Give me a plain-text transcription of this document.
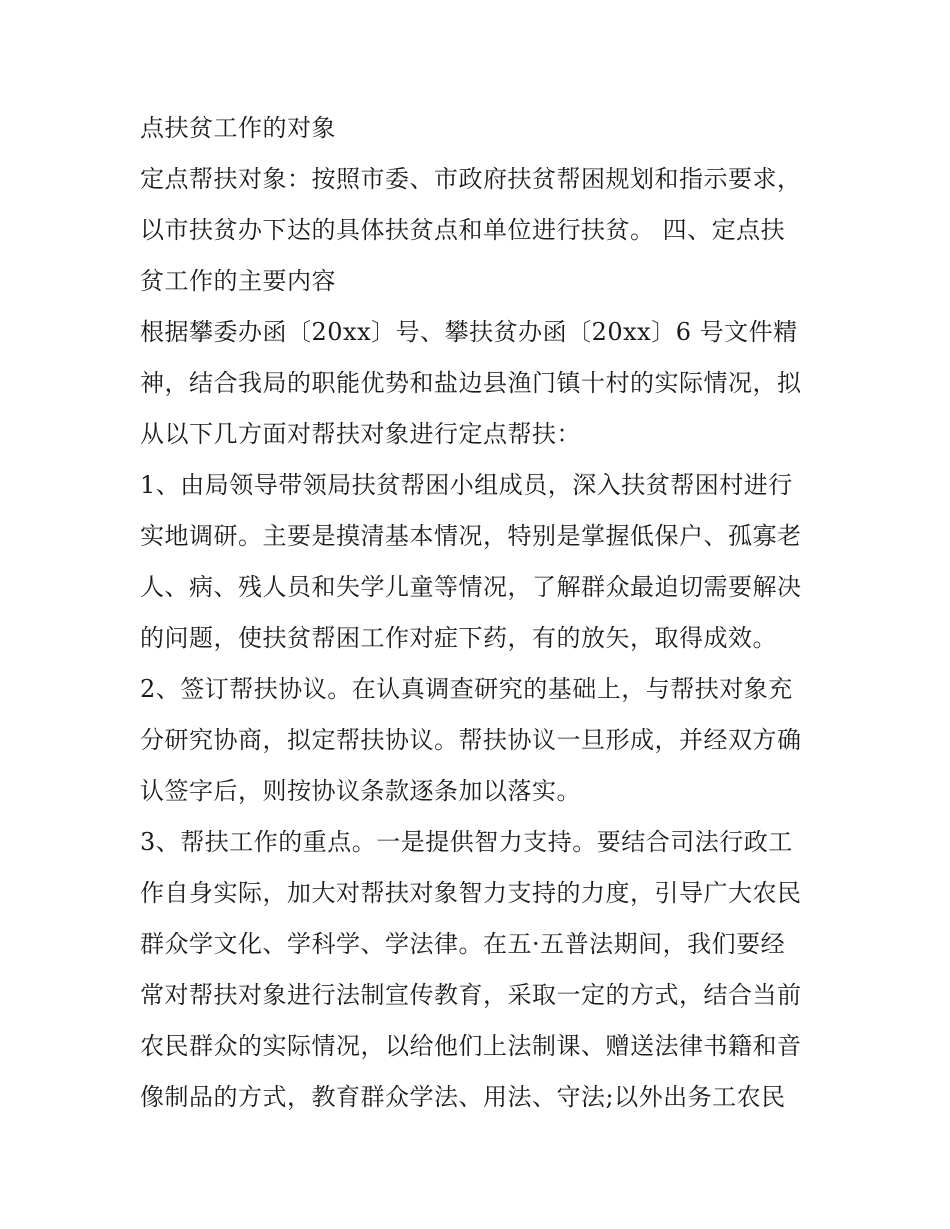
点扶贫工作的对象
定点帮扶对象：按照市委、市政府扶贫帮困规划和指示要求，
以市扶贫办下达的具体扶贫点和单位进行扶贫。 四、定点扶
贫工作的主要内容
根据攀委办函〔20xx〕号、攀扶贫办函〔20xx〕6 号文件精
神，结合我局的职能优势和盐边县渔门镇十村的实际情况，拟
从以下几方面对帮扶对象进行定点帮扶：
1、由局领导带领局扶贫帮困小组成员，深入扶贫帮困村进行
实地调研。主要是摸清基本情况，特别是掌握低保户、孤寡老
人、病、残人员和失学儿童等情况，了解群众最迫切需要解决
的问题，使扶贫帮困工作对症下药，有的放矢，取得成效。
2、签订帮扶协议。在认真调查研究的基础上，与帮扶对象充
分研究协商，拟定帮扶协议。帮扶协议一旦形成，并经双方确
认签字后，则按协议条款逐条加以落实。
3、帮扶工作的重点。一是提供智力支持。要结合司法行政工
作自身实际，加大对帮扶对象智力支持的力度，引导广大农民
群众学文化、学科学、学法律。在五·五普法期间，我们要经
常对帮扶对象进行法制宣传教育，采取一定的方式，结合当前
农民群众的实际情况，以给他们上法制课、赠送法律书籍和音
像制品的方式，教育群众学法、用法、守法;以外出务工农民
